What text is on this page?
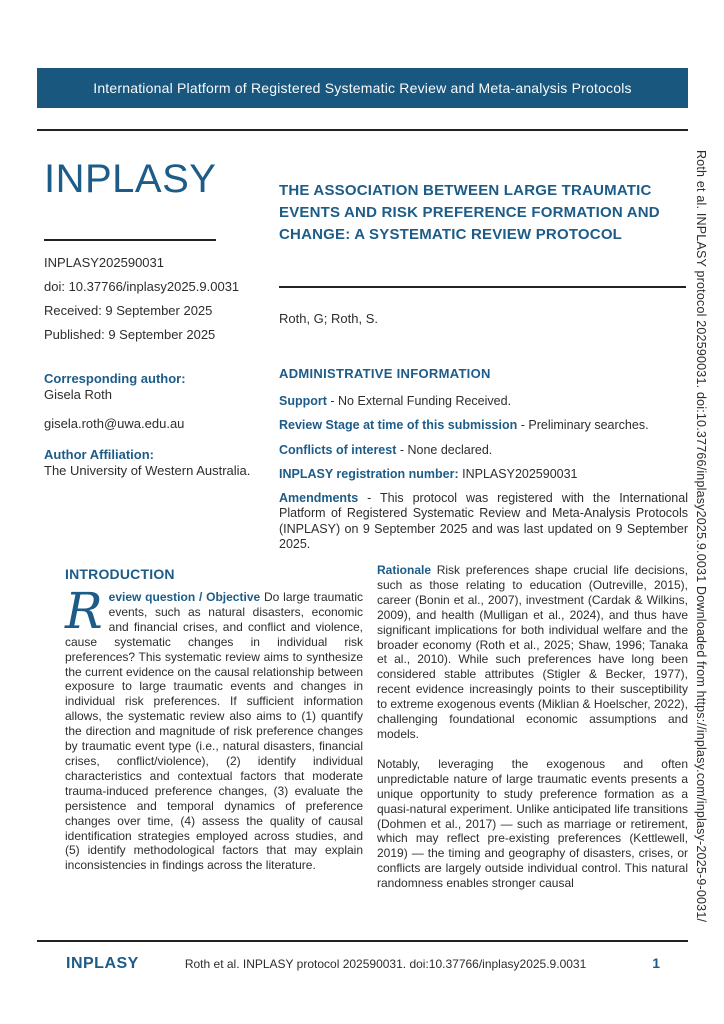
International Platform of Registered Systematic Review and Meta-analysis Protocols
INPLASY
INPLASY202590031
doi: 10.37766/inplasy2025.9.0031
Received: 9 September 2025
Published: 9 September 2025
THE ASSOCIATION BETWEEN LARGE TRAUMATIC EVENTS AND RISK PREFERENCE FORMATION AND CHANGE: A SYSTEMATIC REVIEW PROTOCOL
Roth, G; Roth, S.
Corresponding author:
Gisela Roth
gisela.roth@uwa.edu.au
Author Affiliation:
The University of Western Australia.
ADMINISTRATIVE INFORMATION

Support - No External Funding Received.

Review Stage at time of this submission - Preliminary searches.

Conflicts of interest - None declared.

INPLASY registration number: INPLASY202590031

Amendments - This protocol was registered with the International Platform of Registered Systematic Review and Meta-Analysis Protocols (INPLASY) on 9 September 2025 and was last updated on 9 September 2025.

INTRODUCTION

Review question / Objective Do large traumatic events, such as natural disasters, economic and financial crises, and conflict and violence, cause systematic changes in individual risk preferences? This systematic review aims to synthesize the current evidence on the causal relationship between exposure to large traumatic events and changes in individual risk preferences. If sufficient information allows, the systematic review also aims to (1) quantify the direction and magnitude of risk preference changes by traumatic event type (i.e., natural disasters, financial crises, conflict/violence), (2) identify individual characteristics and contextual factors that moderate trauma-induced preference changes, (3) evaluate the persistence and temporal dynamics of preference changes over time, (4) assess the quality of causal identification strategies employed across studies, and (5) identify methodological factors that may explain inconsistencies in findings across the literature.

Rationale Risk preferences shape crucial life decisions, such as those relating to education (Outreville, 2015), career (Bonin et al., 2007), investment (Cardak & Wilkins, 2009), and health (Mulligan et al., 2024), and thus have significant implications for both individual welfare and the broader economy (Roth et al., 2025; Shaw, 1996; Tanaka et al., 2010). While such preferences have long been considered stable attributes (Stigler & Becker, 1977), recent evidence increasingly points to their susceptibility to extreme exogenous events (Miklian & Hoelscher, 2022), challenging foundational economic assumptions and models.

Notably, leveraging the exogenous and often unpredictable nature of large traumatic events presents a unique opportunity to study preference formation as a quasi-natural experiment. Unlike anticipated life transitions (Dohmen et al., 2017) — such as marriage or retirement, which may reflect pre-existing preferences (Kettlewell, 2019) — the timing and geography of disasters, crises, or conflicts are largely outside individual control. This natural randomness enables stronger causal

INPLASY	Roth et al. INPLASY protocol 202590031. doi:10.37766/inplasy2025.9.0031	1
Roth et al. INPLASY protocol 202590031. doi:10.37766/inplasy2025.9.0031 Downloaded from https://inplasy.com/inplasy-2025-9-0031/
